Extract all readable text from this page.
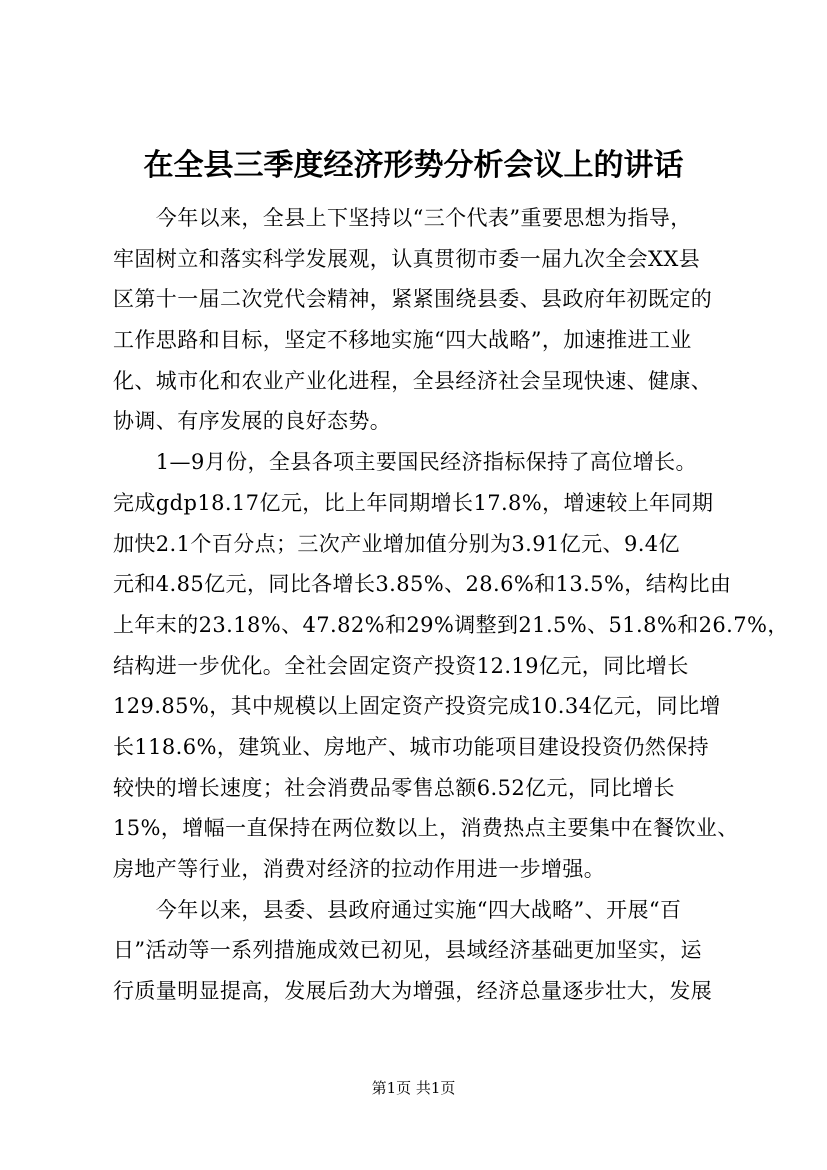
在全县三季度经济形势分析会议上的讲话
　　今年以来，全县上下坚持以“三个代表”重要思想为指导，
牢固树立和落实科学发展观，认真贯彻市委一届九次全会XX县
区第十一届二次党代会精神，紧紧围绕县委、县政府年初既定的
工作思路和目标，坚定不移地实施“四大战略”，加速推进工业
化、城市化和农业产业化进程，全县经济社会呈现快速、健康、
协调、有序发展的良好态势。
　　1—9月份，全县各项主要国民经济指标保持了高位增长。
完成gdp18.17亿元，比上年同期增长17.8%，增速较上年同期
加快2.1个百分点；三次产业增加值分别为3.91亿元、9.4亿
元和4.85亿元，同比各增长3.85%、28.6%和13.5%，结构比由
上年末的23.18%、47.82%和29%调整到21.5%、51.8%和26.7%，
结构进一步优化。全社会固定资产投资12.19亿元，同比增长
129.85%，其中规模以上固定资产投资完成10.34亿元，同比增
长118.6%，建筑业、房地产、城市功能项目建设投资仍然保持
较快的增长速度；社会消费品零售总额6.52亿元，同比增长
15%，增幅一直保持在两位数以上，消费热点主要集中在餐饮业、
房地产等行业，消费对经济的拉动作用进一步增强。
　　今年以来，县委、县政府通过实施“四大战略”、开展“百
日”活动等一系列措施成效已初见，县域经济基础更加坚实，运
行质量明显提高，发展后劲大为增强，经济总量逐步壮大，发展
第1页 共1页
